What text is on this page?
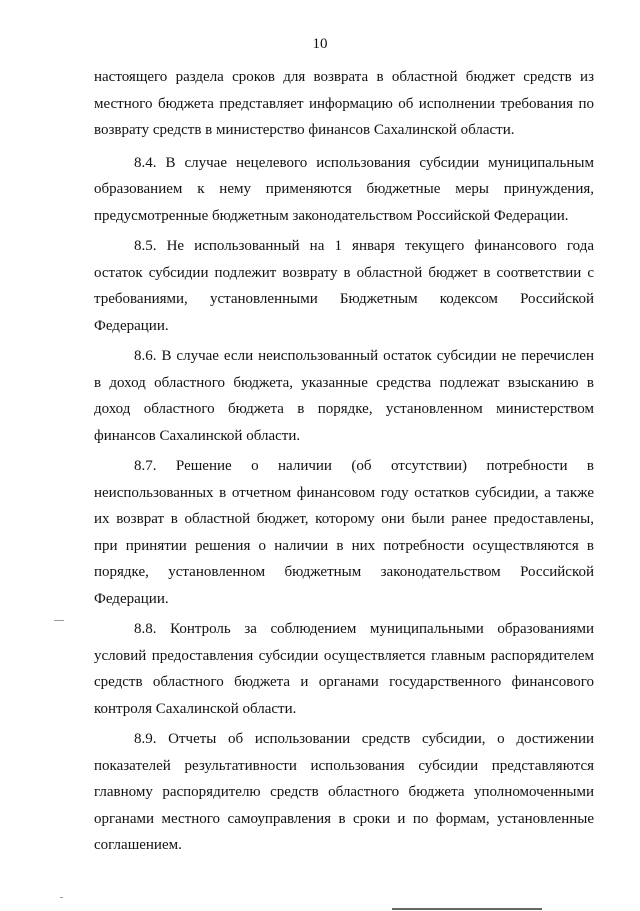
10

настоящего раздела сроков для возврата в областной бюджет средств из местного бюджета представляет информацию об исполнении требования по возврату средств в министерство финансов Сахалинской области.

8.4. В случае нецелевого использования субсидии муниципальным образованием к нему применяются бюджетные меры принуждения, предусмотренные бюджетным законодательством Российской Федерации.

8.5. Не использованный на 1 января текущего финансового года остаток субсидии подлежит возврату в областной бюджет в соответствии с требованиями, установленными Бюджетным кодексом Российской Федерации.

8.6. В случае если неиспользованный остаток субсидии не перечислен в доход областного бюджета, указанные средства подлежат взысканию в доход областного бюджета в порядке, установленном министерством финансов Сахалинской области.

8.7. Решение о наличии (об отсутствии) потребности в неиспользованных в отчетном финансовом году остатков субсидии, а также их возврат в областной бюджет, которому они были ранее предоставлены, при принятии решения о наличии в них потребности осуществляются в порядке, установленном бюджетным законодательством Российской Федерации.

8.8. Контроль за соблюдением муниципальными образованиями условий предоставления субсидии осуществляется главным распорядителем средств областного бюджета и органами государственного финансового контроля Сахалинской области.

8.9. Отчеты об использовании средств субсидии, о достижении показателей результативности использования субсидии представляются главному распорядителю средств областного бюджета уполномоченными органами местного самоуправления в сроки и по формам, установленные соглашением.
